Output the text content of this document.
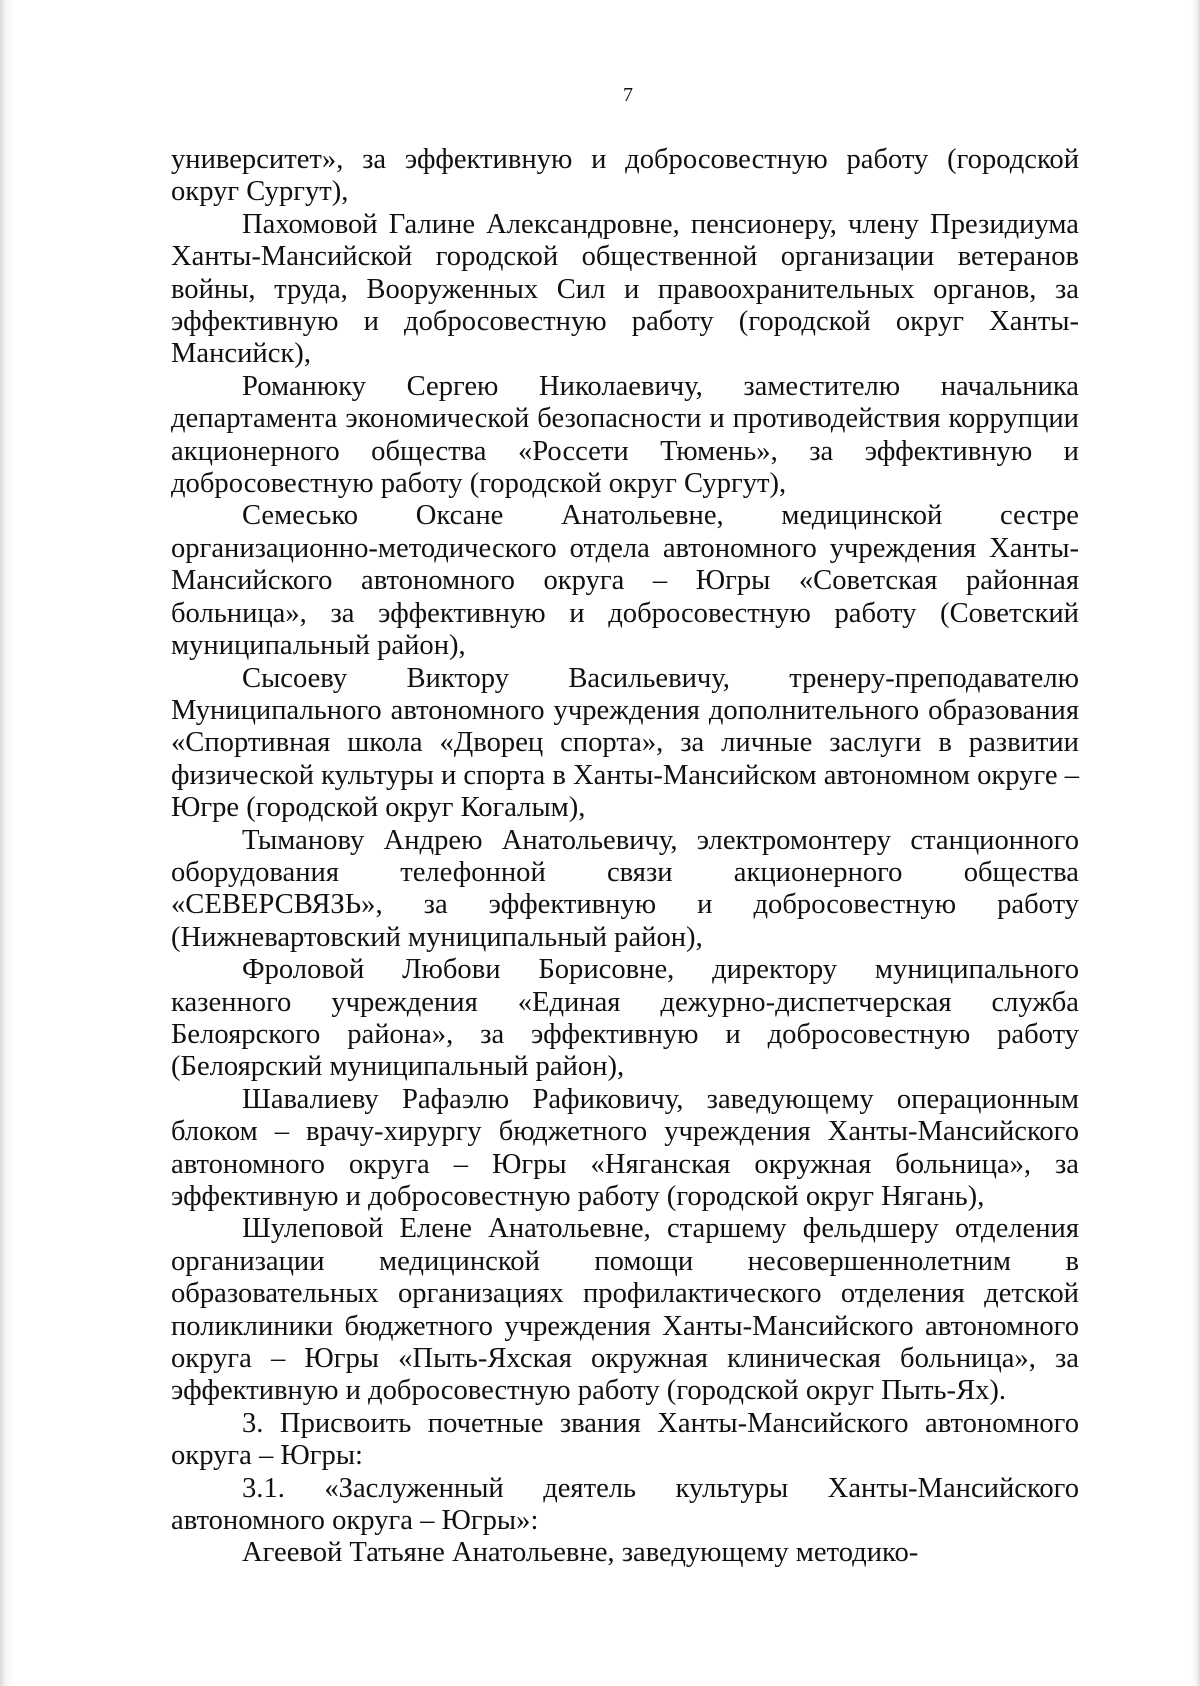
7

университет», за эффективную и добросовестную работу (городской округ Сургут),

Пахомовой Галине Александровне, пенсионеру, члену Президиума Ханты-Мансийской городской общественной организации ветеранов войны, труда, Вооруженных Сил и правоохранительных органов, за эффективную и добросовестную работу (городской округ Ханты-Мансийск),

Романюку Сергею Николаевичу, заместителю начальника департамента экономической безопасности и противодействия коррупции акционерного общества «Россети Тюмень», за эффективную и добросовестную работу (городской округ Сургут),

Семесько Оксане Анатольевне, медицинской сестре организационно-методического отдела автономного учреждения Ханты-Мансийского автономного округа – Югры «Советская районная больница», за эффективную и добросовестную работу (Советский муниципальный район),

Сысоеву Виктору Васильевичу, тренеру-преподавателю Муниципального автономного учреждения дополнительного образования «Спортивная школа «Дворец спорта», за личные заслуги в развитии физической культуры и спорта в Ханты-Мансийском автономном округе – Югре (городской округ Когалым),

Тыманову Андрею Анатольевичу, электромонтеру станционного оборудования телефонной связи акционерного общества «СЕВЕРСВЯЗЬ», за эффективную и добросовестную работу (Нижневартовский муниципальный район),

Фроловой Любови Борисовне, директору муниципального казенного учреждения «Единая дежурно-диспетчерская служба Белоярского района», за эффективную и добросовестную работу (Белоярский муниципальный район),

Шавалиеву Рафаэлю Рафиковичу, заведующему операционным блоком – врачу-хирургу бюджетного учреждения Ханты-Мансийского автономного округа – Югры «Няганская окружная больница», за эффективную и добросовестную работу (городской округ Нягань),

Шулеповой Елене Анатольевне, старшему фельдшеру отделения организации медицинской помощи несовершеннолетним в образовательных организациях профилактического отделения детской поликлиники бюджетного учреждения Ханты-Мансийского автономного округа – Югры «Пыть-Яхская окружная клиническая больница», за эффективную и добросовестную работу (городской округ Пыть-Ях).

3. Присвоить почетные звания Ханты-Мансийского автономного округа – Югры:

3.1. «Заслуженный деятель культуры Ханты-Мансийского автономного округа – Югры»:

Агеевой Татьяне Анатольевне, заведующему методико-
